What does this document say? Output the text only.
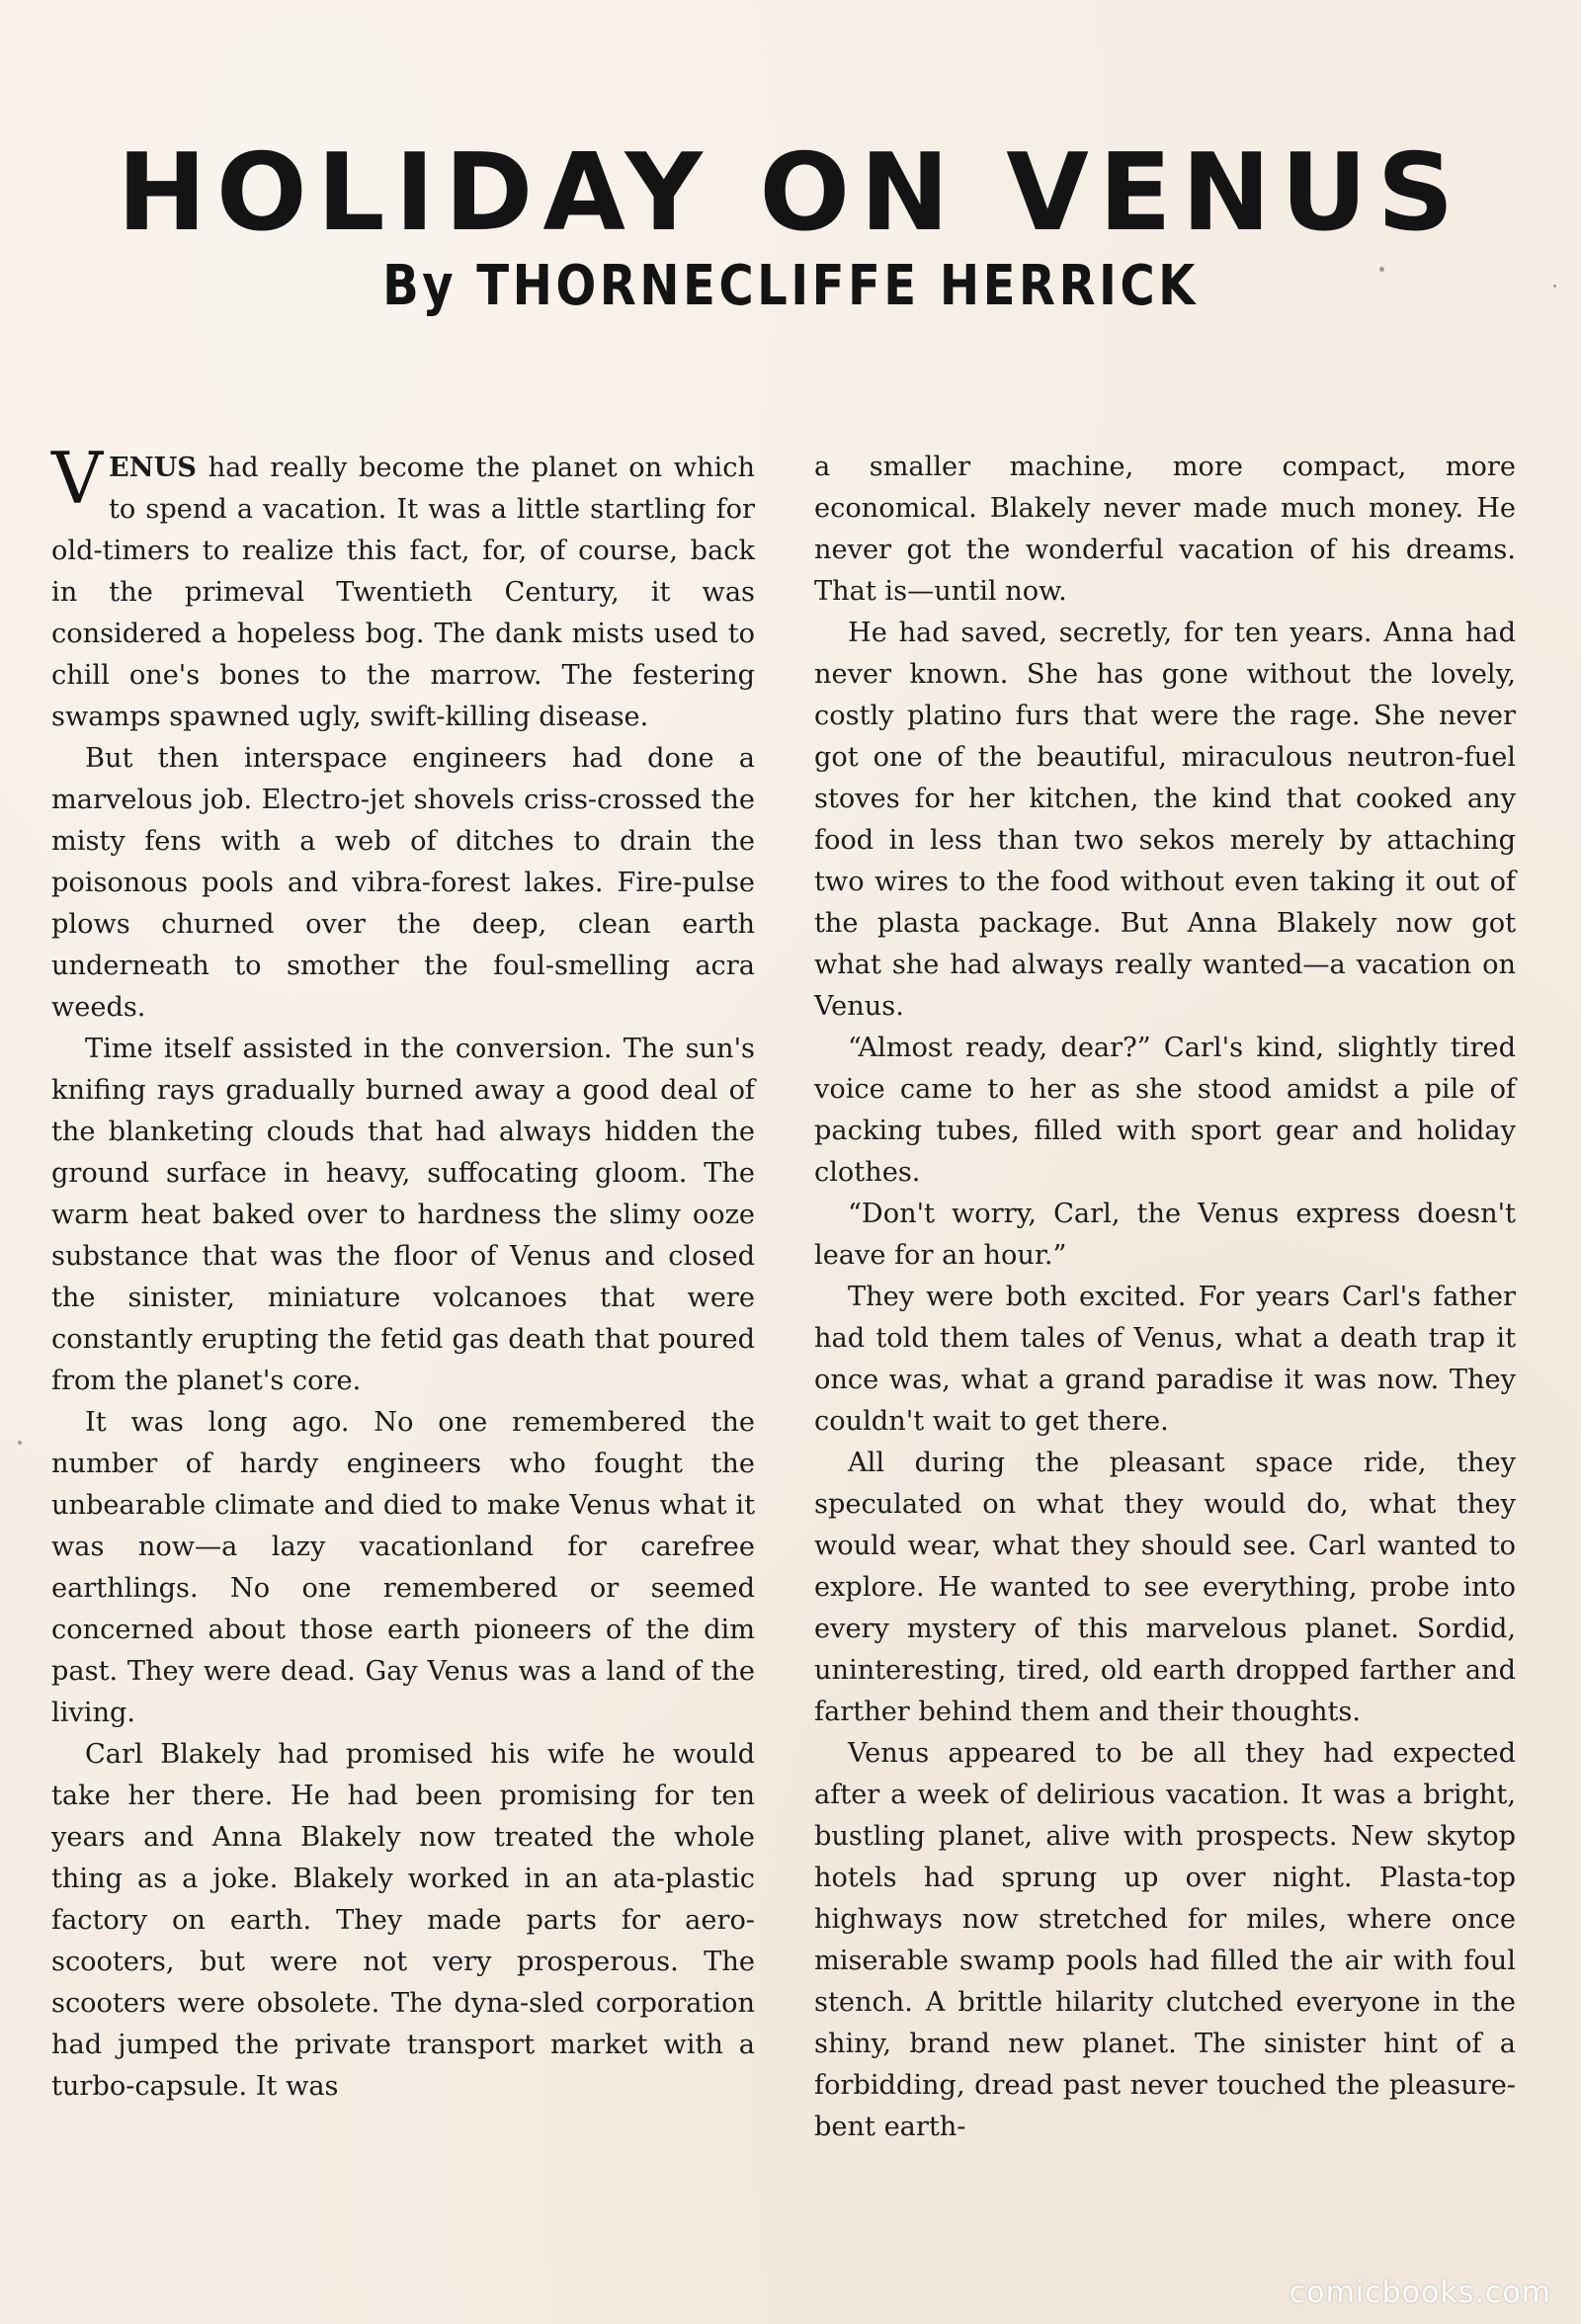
HOLIDAY ON VENUS
By THORNECLIFFE HERRICK

VENUS had really become the planet on which to spend a vacation. It was a little startling for old-timers to realize this fact, for, of course, back in the primeval Twentieth Century, it was considered a hopeless bog. The dank mists used to chill one's bones to the marrow. The festering swamps spawned ugly, swift-killing disease.

But then interspace engineers had done a marvelous job. Electro-jet shovels criss-crossed the misty fens with a web of ditches to drain the poisonous pools and vibra-forest lakes. Fire-pulse plows churned over the deep, clean earth underneath to smother the foul-smelling acra weeds.

Time itself assisted in the conversion. The sun's knifing rays gradually burned away a good deal of the blanketing clouds that had always hidden the ground surface in heavy, suffocating gloom. The warm heat baked over to hardness the slimy ooze substance that was the floor of Venus and closed the sinister, miniature volcanoes that were constantly erupting the fetid gas death that poured from the planet's core.

It was long ago. No one remembered the number of hardy engineers who fought the unbearable climate and died to make Venus what it was now—a lazy vacationland for carefree earthlings. No one remembered or seemed concerned about those earth pioneers of the dim past. They were dead. Gay Venus was a land of the living.

Carl Blakely had promised his wife he would take her there. He had been promising for ten years and Anna Blakely now treated the whole thing as a joke. Blakely worked in an ata-plastic factory on earth. They made parts for aero-scooters, but were not very prosperous. The scooters were obsolete. The dyna-sled corporation had jumped the private transport market with a turbo-capsule. It was

a smaller machine, more compact, more economical. Blakely never made much money. He never got the wonderful vacation of his dreams. That is—until now.

He had saved, secretly, for ten years. Anna had never known. She has gone without the lovely, costly platino furs that were the rage. She never got one of the beautiful, miraculous neutron-fuel stoves for her kitchen, the kind that cooked any food in less than two sekos merely by attaching two wires to the food without even taking it out of the plasta package. But Anna Blakely now got what she had always really wanted—a vacation on Venus.

“Almost ready, dear?” Carl's kind, slightly tired voice came to her as she stood amidst a pile of packing tubes, filled with sport gear and holiday clothes.

“Don't worry, Carl, the Venus express doesn't leave for an hour.”

They were both excited. For years Carl's father had told them tales of Venus, what a death trap it once was, what a grand paradise it was now. They couldn't wait to get there.

All during the pleasant space ride, they speculated on what they would do, what they would wear, what they should see. Carl wanted to explore. He wanted to see everything, probe into every mystery of this marvelous planet. Sordid, uninteresting, tired, old earth dropped farther and farther behind them and their thoughts.

Venus appeared to be all they had expected after a week of delirious vacation. It was a bright, bustling planet, alive with prospects. New skytop hotels had sprung up over night. Plasta-top highways now stretched for miles, where once miserable swamp pools had filled the air with foul stench. A brittle hilarity clutched everyone in the shiny, brand new planet. The sinister hint of a forbidding, dread past never touched the pleasure-bent earth-

comicbooks.com
